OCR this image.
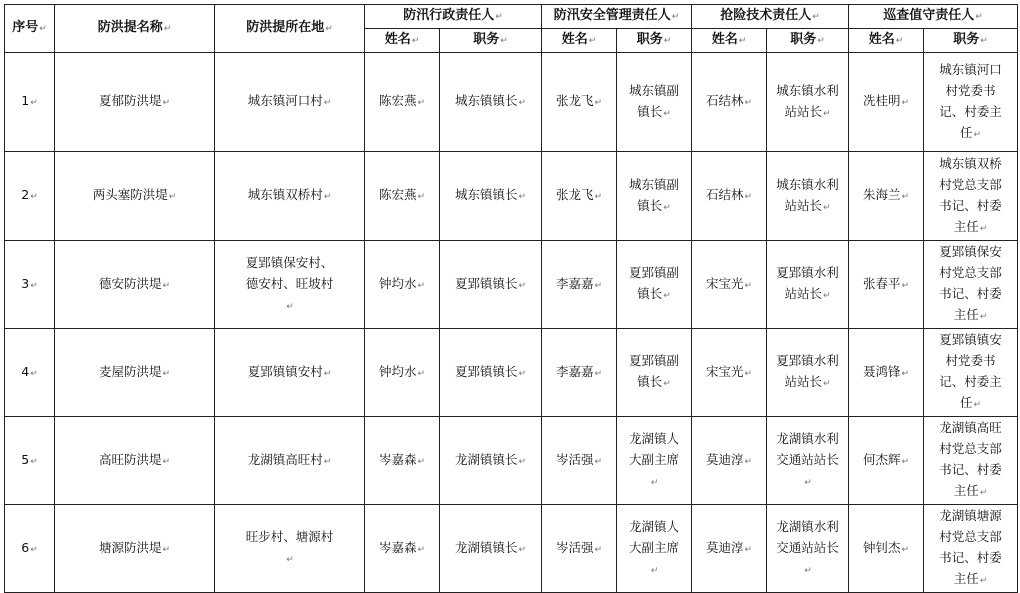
序号↵	防洪提名称↵	防洪提所在地↵	防汛行政责任人↵		防汛安全管理责任人↵		抢险技术责任人↵		巡查值守责任人↵	
			姓名↵	职务↵	姓名↵	职务↵	姓名↵	职务↵	姓名↵	职务↵
1↵	夏郁防洪堤↵	城东镇河口村↵	陈宏燕↵	城东镇镇长↵	张龙飞↵	城东镇副镇长↵	石结林↵	城东镇水利站站长↵	冼桂明↵	城东镇河口村党委书记、村委主任↵

2↵	两头塞防洪堤↵	城东镇双桥村↵	陈宏燕↵	城东镇镇长↵	张龙飞↵	城东镇副镇长↵	石结林↵	城东镇水利站站长↵	朱海兰↵	城东镇双桥村党总支部书记、村委主任↵

3↵	德安防洪堤↵	夏郢镇保安村、德安村、旺坡村↵	钟均水↵	夏郢镇镇长↵	李嘉嘉↵	夏郢镇副镇长↵	宋宝光↵	夏郢镇水利站站长↵	张春平↵	夏郢镇保安村党总支部书记、村委主任↵

4↵	麦屋防洪堤↵	夏郢镇镇安村↵	钟均水↵	夏郢镇镇长↵	李嘉嘉↵	夏郢镇副镇长↵	宋宝光↵	夏郢镇水利站站长↵	聂鸿锋↵	夏郢镇镇安村党委书记、村委主任↵

5↵	高旺防洪堤↵	龙湖镇高旺村↵	岑嘉森↵	龙湖镇镇长↵	岑活强↵	龙湖镇人大副主席↵	莫迪淳↵	龙湖镇水利交通站站长↵	何杰辉↵	龙湖镇高旺村党总支部书记、村委主任↵

6↵	塘源防洪堤↵	旺步村、塘源村↵	岑嘉森↵	龙湖镇镇长↵	岑活强↵	龙湖镇人大副主席↵	莫迪淳↵	龙湖镇水利交通站站长↵	钟钊杰↵	龙湖镇塘源村党总支部书记、村委主任↵
